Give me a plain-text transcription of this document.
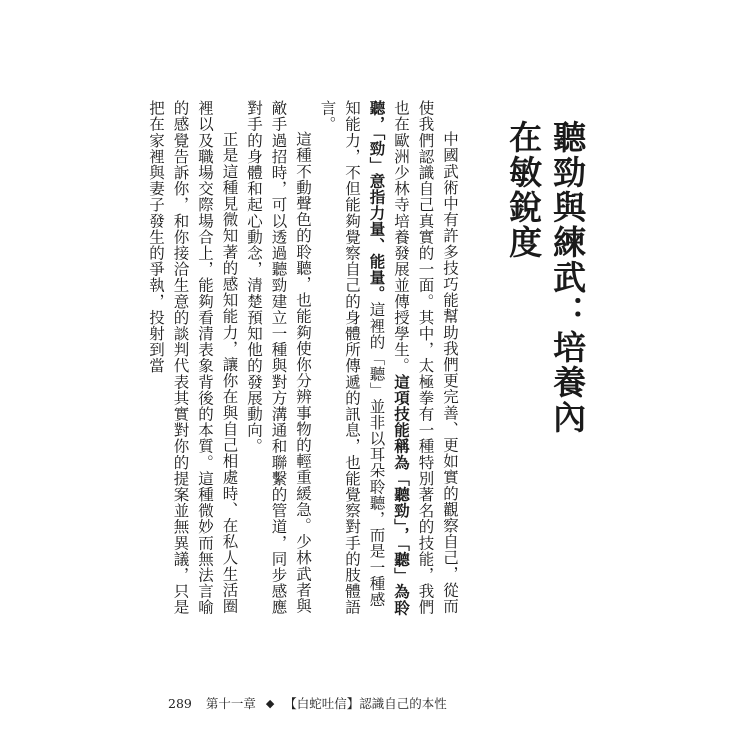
聽勁與練武：培養內在敏銳度

中國武術中有許多技巧能幫助我們更完善、更如實的觀察自己，從而使我們認識自己真實的一面。其中，太極拳有一種特別著名的技能，我們也在歐洲少林寺培養發展並傳授學生。這項技能稱為「聽勁」，「聽」為聆聽，「勁」意指力量、能量。這裡的「聽」並非以耳朵聆聽，而是一種感知能力，不但能夠覺察自己的身體所傳遞的訊息，也能覺察對手的肢體語言。

這種不動聲色的聆聽，也能夠使你分辨事物的輕重緩急。少林武者與敵手過招時，可以透過聽勁建立一種與對方溝通和聯繫的管道，同步感應對手的身體和起心動念，清楚預知他的發展動向。

正是這種見微知著的感知能力，讓你在與自己相處時、在私人生活圈裡以及職場交際場合上，能夠看清表象背後的本質。這種微妙而無法言喻的感覺告訴你，和你接洽生意的談判代表其實對你的提案並無異議，只是把在家裡與妻子發生的爭執，投射到當

289 第十一章 ◆ 【白蛇吐信】認識自己的本性
